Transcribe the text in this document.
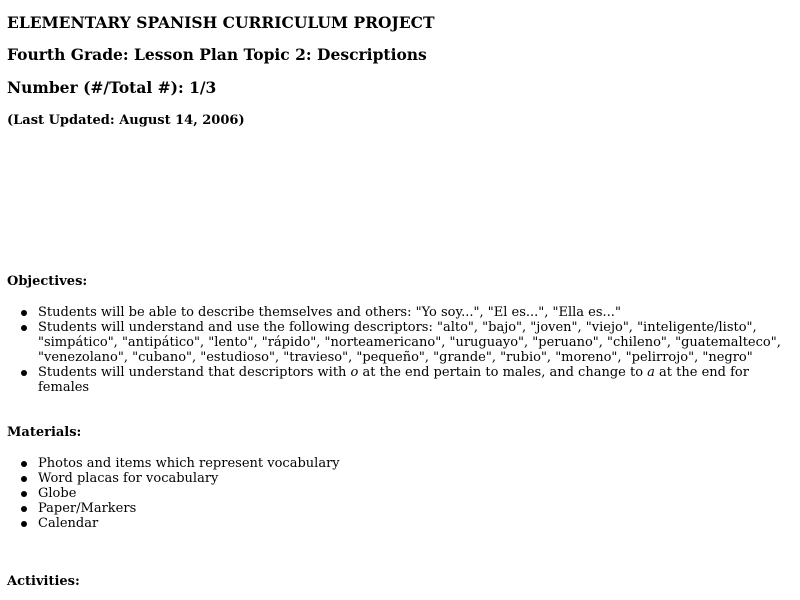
ELEMENTARY SPANISH CURRICULUM PROJECT
Fourth Grade: Lesson Plan Topic 2: Descriptions
Number (#/Total #): 1/3
(Last Updated: August 14, 2006)
Objectives:
Students will be able to describe themselves and others: "Yo soy...", "El es...", "Ella es..."
Students will understand and use the following descriptors: "alto", "bajo", "joven", "viejo", "inteligente/listo", "simpático", "antipático", "lento", "rápido", "norteamericano", "uruguayo", "peruano", "chileno", "guatemalteco", "venezolano", "cubano", "estudioso", "travieso", "pequeño", "grande", "rubio", "moreno", "pelirrojo", "negro"
Students will understand that descriptors with o at the end pertain to males, and change to a at the end for females
Materials:
Photos and items which represent vocabulary
Word placas for vocabulary
Globe
Paper/Markers
Calendar
Activities:
